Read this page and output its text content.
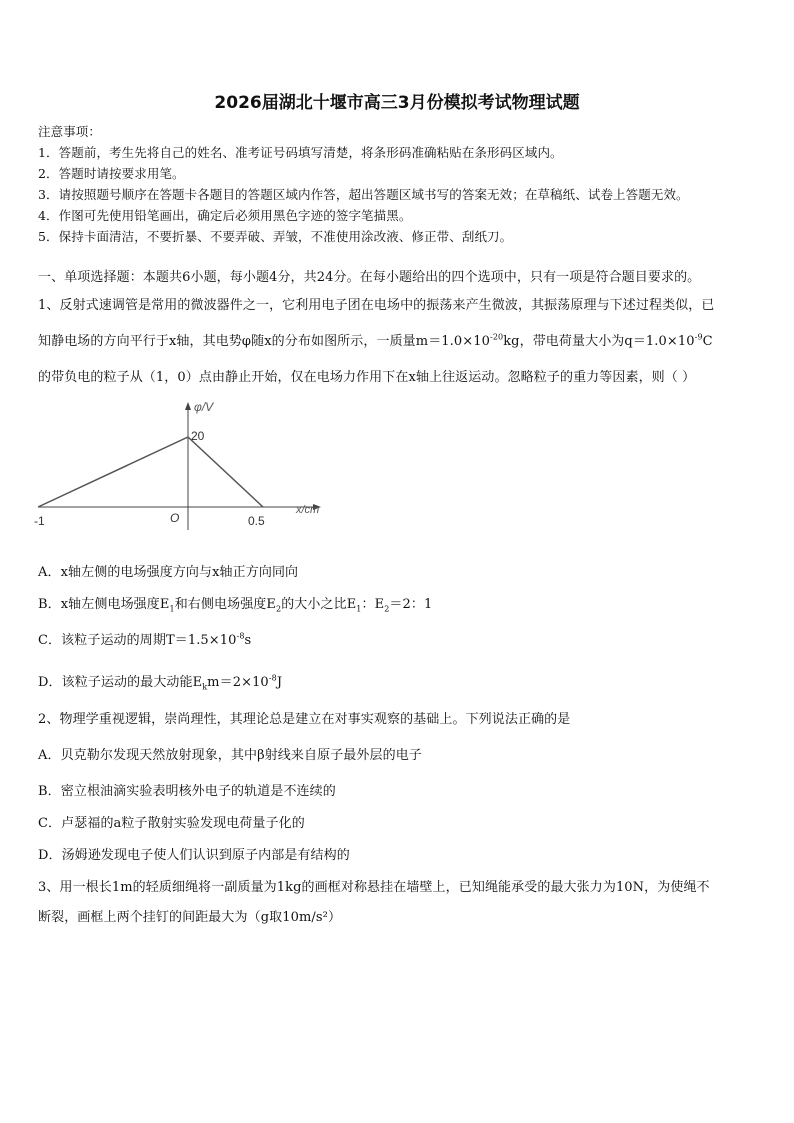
2026届湖北十堰市高三3月份模拟考试物理试题
注意事项：
1．答题前，考生先将自己的姓名、准考证号码填写清楚，将条形码准确粘贴在条形码区域内。
2．答题时请按要求用笔。
3．请按照题号顺序在答题卡各题目的答题区域内作答，超出答题区域书写的答案无效；在草稿纸、试卷上答题无效。
4．作图可先使用铅笔画出，确定后必须用黑色字迹的签字笔描黑。
5．保持卡面清洁，不要折暴、不要弄破、弄皱，不准使用涂改液、修正带、刮纸刀。
一、单项选择题：本题共6小题，每小题4分，共24分。在每小题给出的四个选项中，只有一项是符合题目要求的。
1、反射式速调管是常用的微波器件之一，它利用电子团在电场中的振荡来产生微波，其振荡原理与下述过程类似，已
知静电场的方向平行于x轴，其电势φ随x的分布如图所示，一质量$m=1.0\times 10^{-20}kg$，带电荷量大小为$q=1.0\times 10^{-9}C$
的带负电的粒子从（1，0）点由静止开始，仅在电场力作用下在x轴上往返运动。忽略粒子的重力等因素，则（ ）
φ/V
20
O
-1	0.5
x/cm
A．x轴左侧的电场强度方向与x轴正方向同向
B．x轴左侧电场强度$E_1$和右侧电场强度$E_2$的大小之比$E_1$：$E_2=2$：1
C．该粒子运动的周期$T=1.5\times 10^{-8}s$
D．该粒子运动的最大动能$E_km=2\times 10^{-8}J$
2、物理学重视逻辑，崇尚理性，其理论总是建立在对事实观察的基础上。下列说法正确的是
A．贝克勒尔发现天然放射现象，其中β射线来自原子最外层的电子
B．密立根油滴实验表明核外电子的轨道是不连续的
C．卢瑟福的a粒子散射实验发现电荷量子化的
D．汤姆逊发现电子使人们认识到原子内部是有结构的
3、用一根长1m的轻质细绳将一副质量为1kg的画框对称悬挂在墙壁上，已知绳能承受的最大张力为10N，为使绳不
断裂，画框上两个挂钉的间距最大为（g取10m/s²）
